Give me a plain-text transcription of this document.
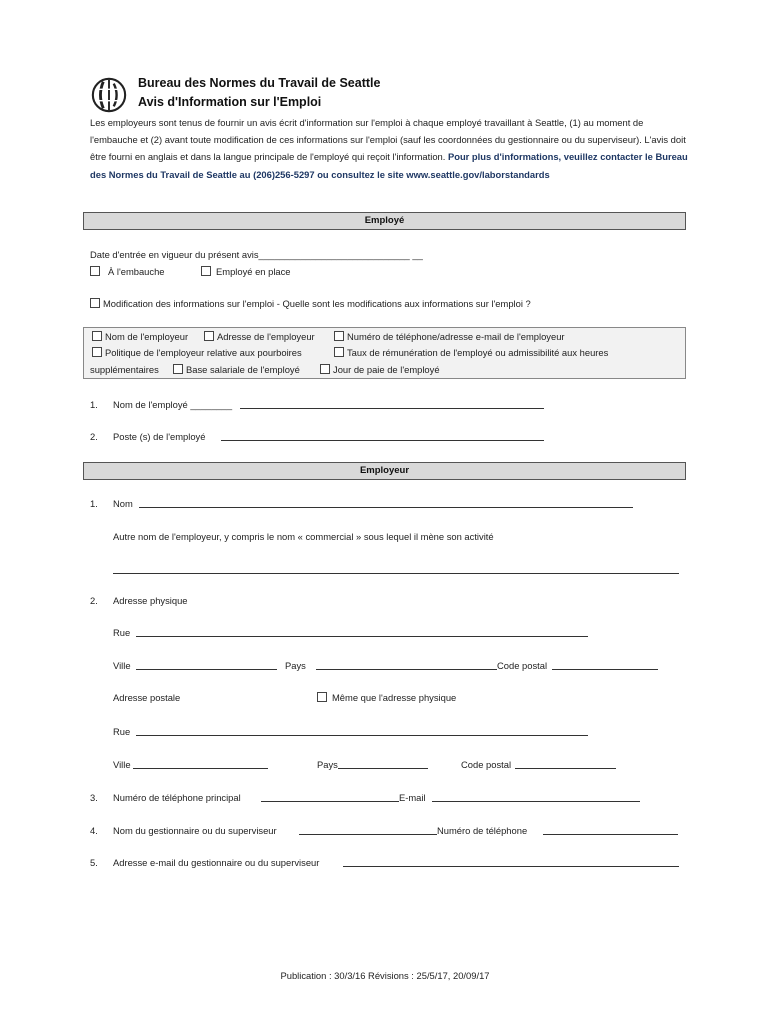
Bureau des Normes du Travail de Seattle
Avis d'Information sur l'Emploi
Les employeurs sont tenus de fournir un avis écrit d'information sur l'emploi à chaque employé travaillant à Seattle, (1) au moment de l'embauche et (2) avant toute modification de ces informations sur l'emploi (sauf les coordonnées du gestionnaire ou du superviseur). L'avis doit être fourni en anglais et dans la langue principale de l'employé qui reçoit l'information. Pour plus d'informations, veuillez contacter le Bureau des Normes du Travail de Seattle au (206)256-5297 ou consultez le site www.seattle.gov/laborstandards
Employé
Date d'entrée en vigueur du présent avis_____________________________ __
À l'embauche	Employé en place
Modification des informations sur l'emploi - Quelle sont les modifications aux informations sur l'emploi ?
Nom de l'employeur	Adresse de l'employeur	Numéro de téléphone/adresse e-mail de l'employeur
Politique de l'employeur relative aux pourboires	Taux de rémunération de l'employé ou admissibilité aux heures
supplémentaires	Base salariale de l'employé	Jour de paie de l'employé
1. Nom de l'employé ________
2. Poste (s) de l'employé
Employeur
1. Nom
Autre nom de l'employeur, y compris le nom « commercial » sous lequel il mène son activité
2. Adresse physique
Rue
Ville	Pays	Code postal
Adresse postale	Même que l'adresse physique
Rue
Ville	Pays	Code postal
3. Numéro de téléphone principal	E-mail
4. Nom du gestionnaire ou du superviseur	Numéro de téléphone
5. Adresse e-mail du gestionnaire ou du superviseur
Publication : 30/3/16 Révisions : 25/5/17, 20/09/17
